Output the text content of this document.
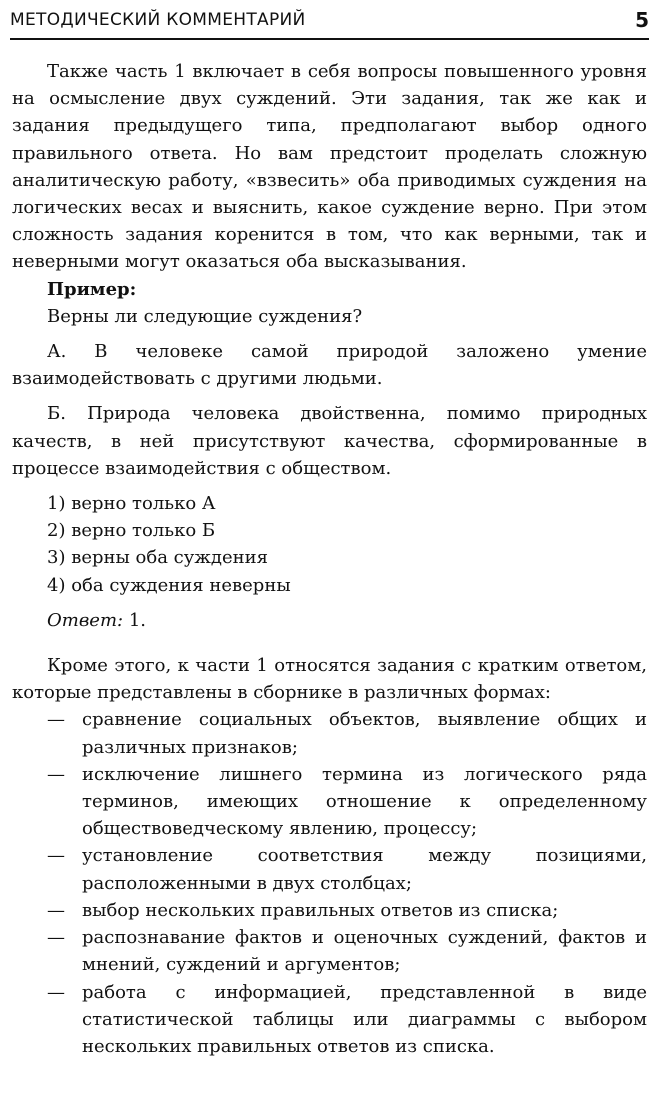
МЕТОДИЧЕСКИЙ КОММЕНТАРИЙ	5

Также часть 1 включает в себя вопросы повышенного уровня на осмысление двух суждений. Эти задания, так же как и задания предыдущего типа, предполагают выбор одного правильного ответа. Но вам предстоит проделать сложную аналитическую работу, «взвесить» оба приводимых суждения на логических весах и выяснить, какое суждение верно. При этом сложность задания коренится в том, что как верными, так и неверными могут оказаться оба высказывания.

Пример:

Верны ли следующие суждения?

А. В человеке самой природой заложено умение взаимодействовать с другими людьми.

Б. Природа человека двойственна, помимо природных качеств, в ней присутствуют качества, сформированные в процессе взаимодействия с обществом.

1) верно только А
2) верно только Б
3) верны оба суждения
4) оба суждения неверны

Ответ: 1.

Кроме этого, к части 1 относятся задания с кратким ответом, которые представлены в сборнике в различных формах:

— сравнение социальных объектов, выявление общих и различных признаков;
— исключение лишнего термина из логического ряда терминов, имеющих отношение к определенному обществоведческому явлению, процессу;
— установление соответствия между позициями, расположенными в двух столбцах;
— выбор нескольких правильных ответов из списка;
— распознавание фактов и оценочных суждений, фактов и мнений, суждений и аргументов;
— работа с информацией, представленной в виде статистической таблицы или диаграммы с выбором нескольких правильных ответов из списка.
